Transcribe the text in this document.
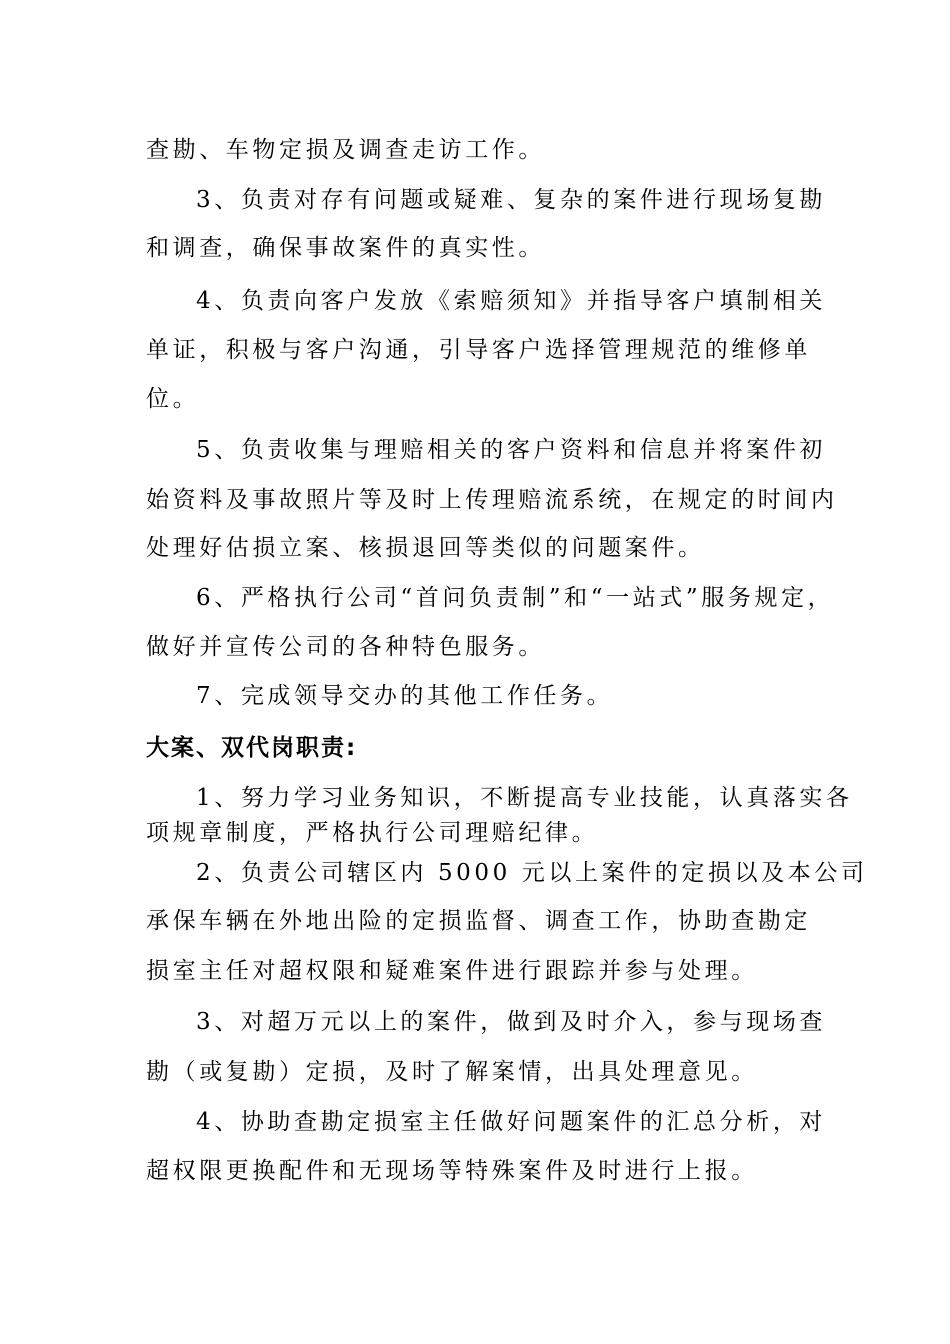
查勘、车物定损及调查走访工作。
3、负责对存有问题或疑难、复杂的案件进行现场复勘
和调查，确保事故案件的真实性。
4、负责向客户发放《索赔须知》并指导客户填制相关
单证，积极与客户沟通，引导客户选择管理规范的维修单
位。
5、负责收集与理赔相关的客户资料和信息并将案件初
始资料及事故照片等及时上传理赔流系统，在规定的时间内
处理好估损立案、核损退回等类似的问题案件。
6、严格执行公司“首问负责制”和“一站式”服务规定，
做好并宣传公司的各种特色服务。
7、完成领导交办的其他工作任务。
大案、双代岗职责:
1、努力学习业务知识，不断提高专业技能，认真落实各
项规章制度，严格执行公司理赔纪律。
2、负责公司辖区内 5000 元以上案件的定损以及本公司
承保车辆在外地出险的定损监督、调查工作，协助查勘定
损室主任对超权限和疑难案件进行跟踪并参与处理。
3、对超万元以上的案件，做到及时介入，参与现场查
勘（或复勘）定损，及时了解案情，出具处理意见。
4、协助查勘定损室主任做好问题案件的汇总分析，对
超权限更换配件和无现场等特殊案件及时进行上报。
